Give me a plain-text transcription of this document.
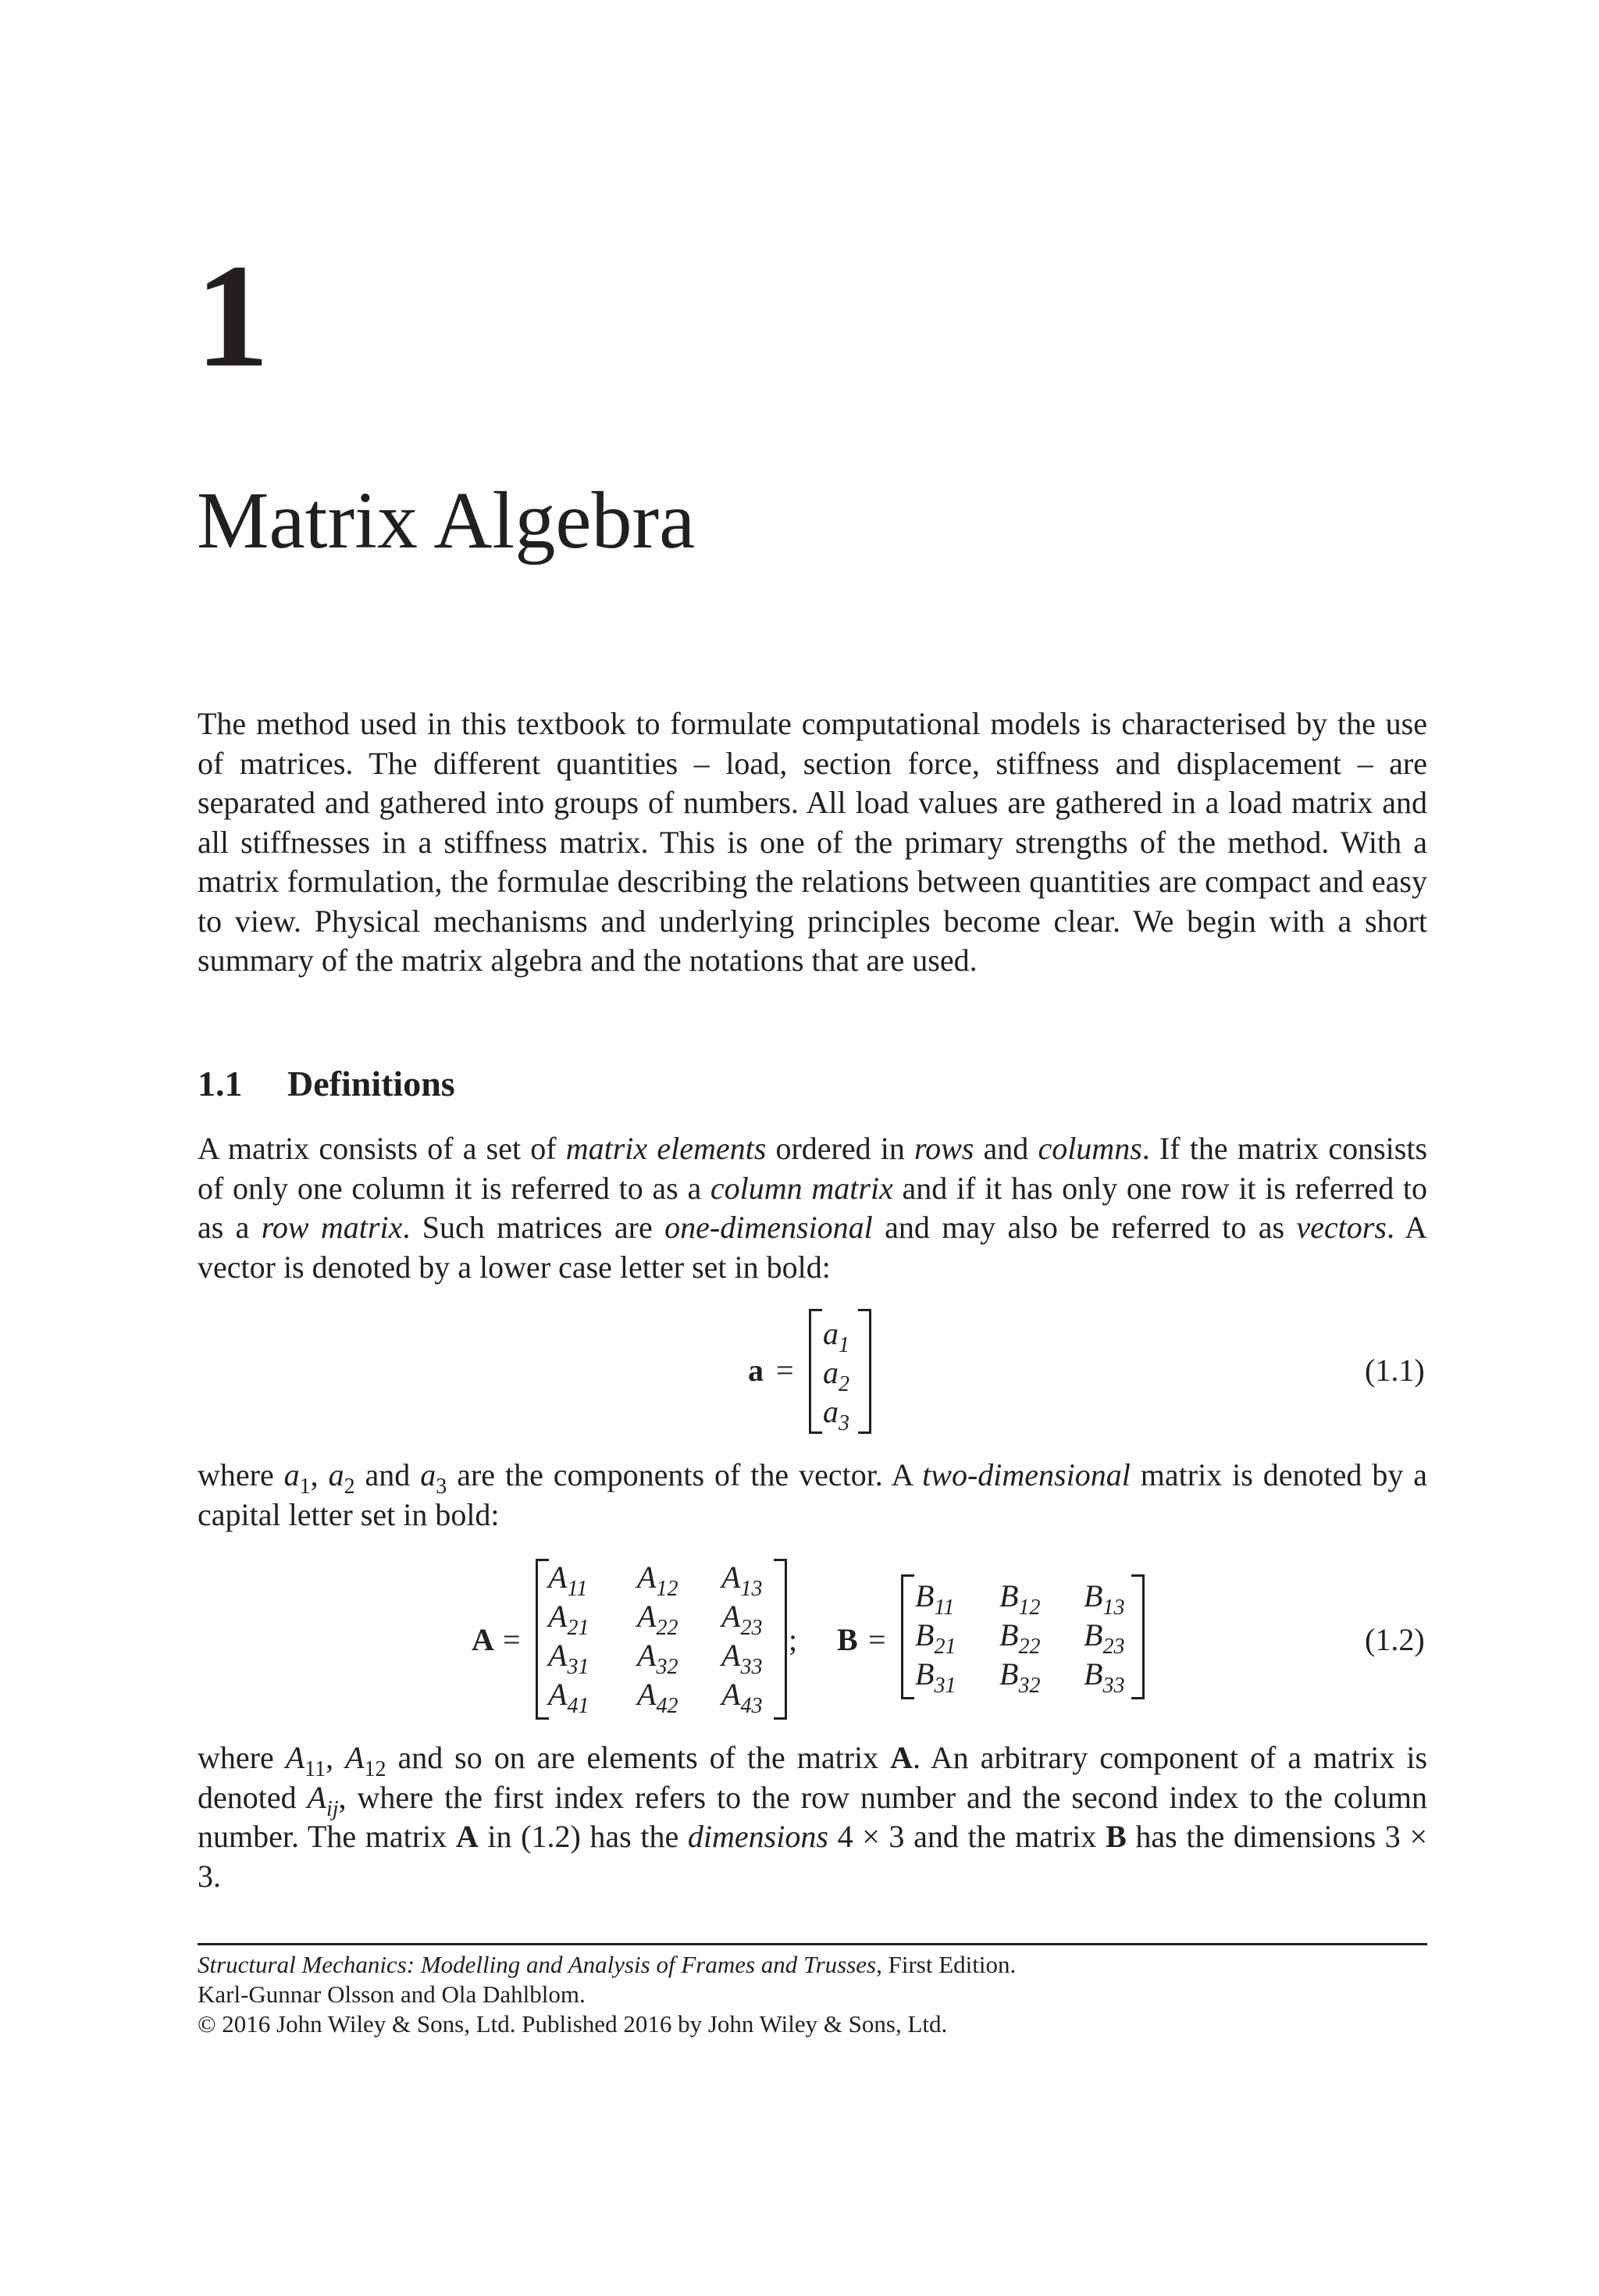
1
Matrix Algebra

The method used in this textbook to formulate computational models is characterised by the use of matrices. The different quantities – load, section force, stiffness and displacement – are separated and gathered into groups of numbers. All load values are gathered in a load matrix and all stiffnesses in a stiffness matrix. This is one of the primary strengths of the method. With a matrix formulation, the formulae describing the relations between quantities are compact and easy to view. Physical mechanisms and underlying principles become clear. We begin with a short summary of the matrix algebra and the notations that are used.

1.1 Definitions

A matrix consists of a set of matrix elements ordered in rows and columns. If the matrix consists of only one column it is referred to as a column matrix and if it has only one row it is referred to as a row matrix. Such matrices are one-dimensional and may also be referred to as vectors. A vector is denoted by a lower case letter set in bold:

a =
$a_1$
$a_2$
$a_3$
(1.1)

where $a_1$, $a_2$ and $a_3$ are the components of the vector. A two-dimensional matrix is denoted by a capital letter set in bold:

A =
$A_{11}$ $A_{12}$ $A_{13}$
$A_{21}$ $A_{22}$ $A_{23}$
$A_{31}$ $A_{32}$ $A_{33}$
$A_{41}$ $A_{42}$ $A_{43}$
; B =
$B_{11}$ $B_{12}$ $B_{13}$
$B_{21}$ $B_{22}$ $B_{23}$
$B_{31}$ $B_{32}$ $B_{33}$
(1.2)

where $A_{11}$, $A_{12}$ and so on are elements of the matrix A. An arbitrary component of a matrix is denoted $A_{ij}$, where the first index refers to the row number and the second index to the column number. The matrix A in (1.2) has the dimensions 4 × 3 and the matrix B has the dimensions 3 × 3.

Structural Mechanics: Modelling and Analysis of Frames and Trusses, First Edition.
Karl-Gunnar Olsson and Ola Dahlblom.
© 2016 John Wiley & Sons, Ltd. Published 2016 by John Wiley & Sons, Ltd.
